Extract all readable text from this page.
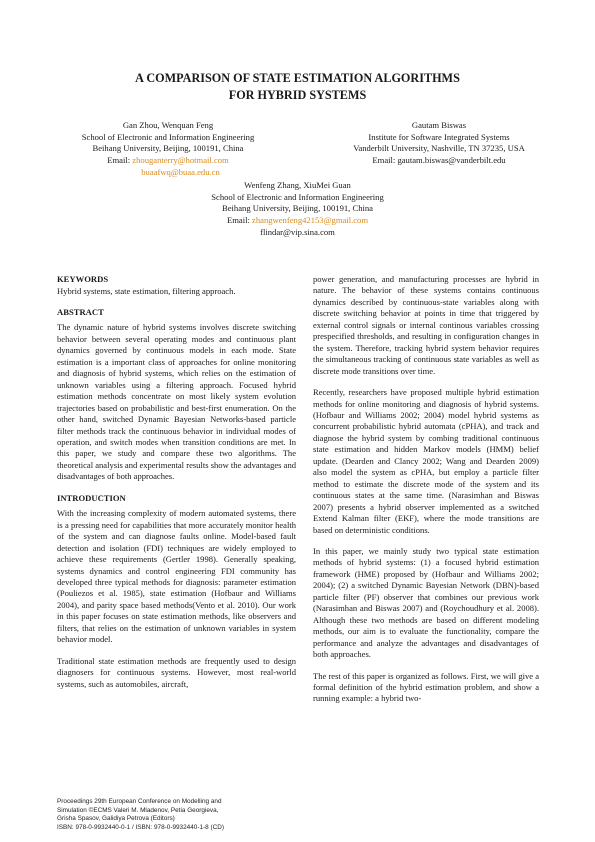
A COMPARISON OF STATE ESTIMATION ALGORITHMS
FOR HYBRID SYSTEMS
Gan Zhou, Wenquan Feng
School of Electronic and Information Engineering
Beihang University, Beijing, 100191, China
Email: zhouganterry@hotmail.com
buaafwq@buaa.edu.cn
Gautam Biswas
Institute for Software Integrated Systems
Vanderbilt University, Nashville, TN 37235, USA
Email: gautam.biswas@vanderbilt.edu
Wenfeng Zhang, XiuMei Guan
School of Electronic and Information Engineering
Beihang University, Beijing, 100191, China
Email: zhangwenfeng42153@gmail.com
flindar@vip.sina.com

KEYWORDS

Hybrid systems, state estimation, filtering approach.

ABSTRACT

The dynamic nature of hybrid systems involves discrete switching behavior between several operating modes and continuous plant dynamics governed by continuous models in each mode. State estimation is a important class of approaches for online monitoring and diagnosis of hybrid systems, which relies on the estimation of unknown variables using a filtering approach. Focused hybrid estimation methods concentrate on most likely system evolution trajectories based on probabilistic and best-first enumeration. On the other hand, switched Dynamic Bayesian Networks-based particle filter methods track the continuous behavior in individual modes of operation, and switch modes when transition conditions are met. In this paper, we study and compare these two algorithms. The theoretical analysis and experimental results show the advantages and disadvantages of both approaches.

INTRODUCTION

With the increasing complexity of modern automated systems, there is a pressing need for capabilities that more accurately monitor health of the system and can diagnose faults online. Model-based fault detection and isolation (FDI) techniques are widely employed to achieve these requirements (Gertler 1998). Generally speaking, systems dynamics and control engineering FDI community has developed three typical methods for diagnosis: parameter estimation (Pouliezos et al. 1985), state estimation (Hofbaur and Williams 2004), and parity space based methods(Vento et al. 2010). Our work in this paper focuses on state estimation methods, like observers and filters, that relies on the estimation of unknown variables in system behavior model.

Traditional state estimation methods are frequently used to design diagnosers for continuous systems. However, most real-world systems, such as automobiles, aircraft,

power generation, and manufacturing processes are hybrid in nature. The behavior of these systems contains continuous dynamics described by continuous-state variables along with discrete switching behavior at points in time that triggered by external control signals or internal continous variables crossing prespecified thresholds, and resulting in configuration changes in the system. Therefore, tracking hybrid system behavior requires the simultaneous tracking of continuous state variables as well as discrete mode transitions over time.

Recently, researchers have proposed multiple hybrid estimation methods for online monitoring and diagnosis of hybrid systems. (Hofbaur and Williams 2002; 2004) model hybrid systems as concurrent probabilistic hybrid automata (cPHA), and track and diagnose the hybrid system by combing traditional continuous state estimation and hidden Markov models (HMM) belief update. (Dearden and Clancy 2002; Wang and Dearden 2009) also model the system as cPHA, but employ a particle filter method to estimate the discrete mode of the system and its continuous states at the same time. (Narasimhan and Biswas 2007) presents a hybrid observer implemented as a switched Extend Kalman filter (EKF), where the mode transitions are based on deterministic conditions.

In this paper, we mainly study two typical state estimation methods of hybrid systems: (1) a focused hybrid estimation framework (HME) proposed by (Hofbaur and Williams 2002; 2004); (2) a switched Dynamic Bayesian Network (DBN)-based particle filter (PF) observer that combines our previous work (Narasimhan and Biswas 2007) and (Roychoudhury et al. 2008). Although these two methods are based on different modeling methods, our aim is to evaluate the functionality, compare the performance and analyze the advantages and disadvantages of both approaches.

The rest of this paper is organized as follows. First, we will give a formal definition of the hybrid estimation problem, and show a running example: a hybrid two-

Proceedings 29th European Conference on Modelling and
Simulation ©ECMS Valeri M. Mladenov, Petia Georgieva,
Grisha Spasov, Galidiya Petrova (Editors)
ISBN: 978-0-9932440-0-1 / ISBN: 978-0-9932440-1-8 (CD)
